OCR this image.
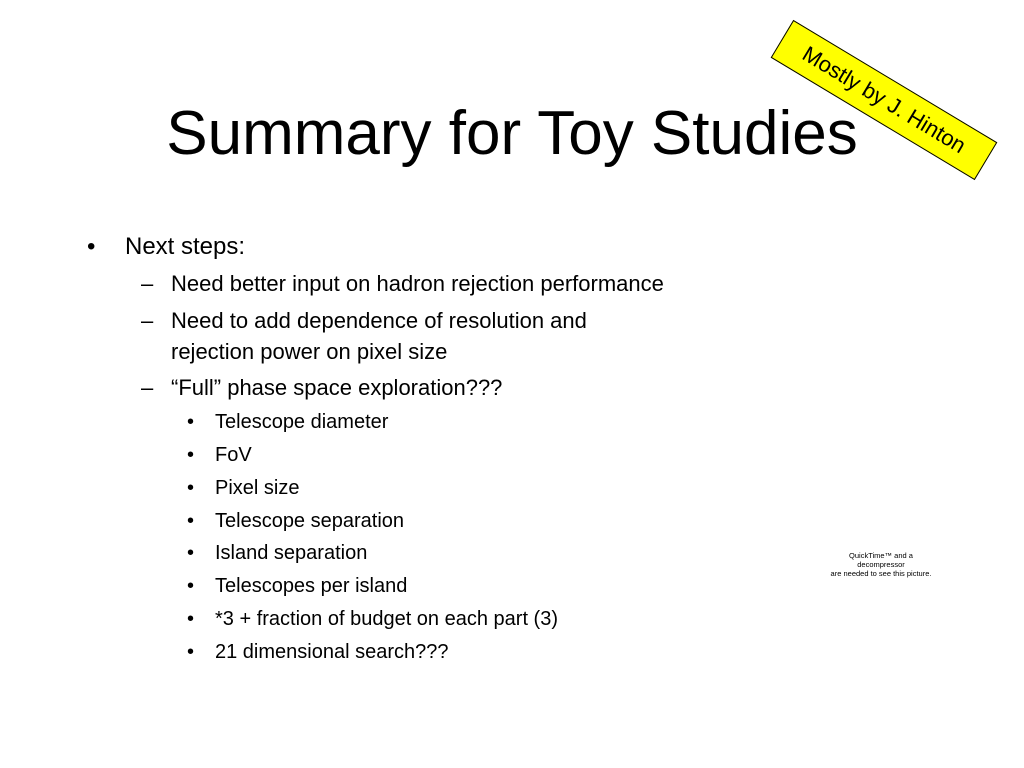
Summary for Toy Studies
Mostly by J. Hinton
• Next steps:
– Need better input on hadron rejection performance
– Need to add dependence of resolution and
rejection power on pixel size
– “Full” phase space exploration???
• Telescope diameter
• FoV
• Pixel size
• Telescope separation
• Island separation
• Telescopes per island
• *3 + fraction of budget on each part (3)
• 21 dimensional search???
QuickTime™ and a
decompressor
are needed to see this picture.
